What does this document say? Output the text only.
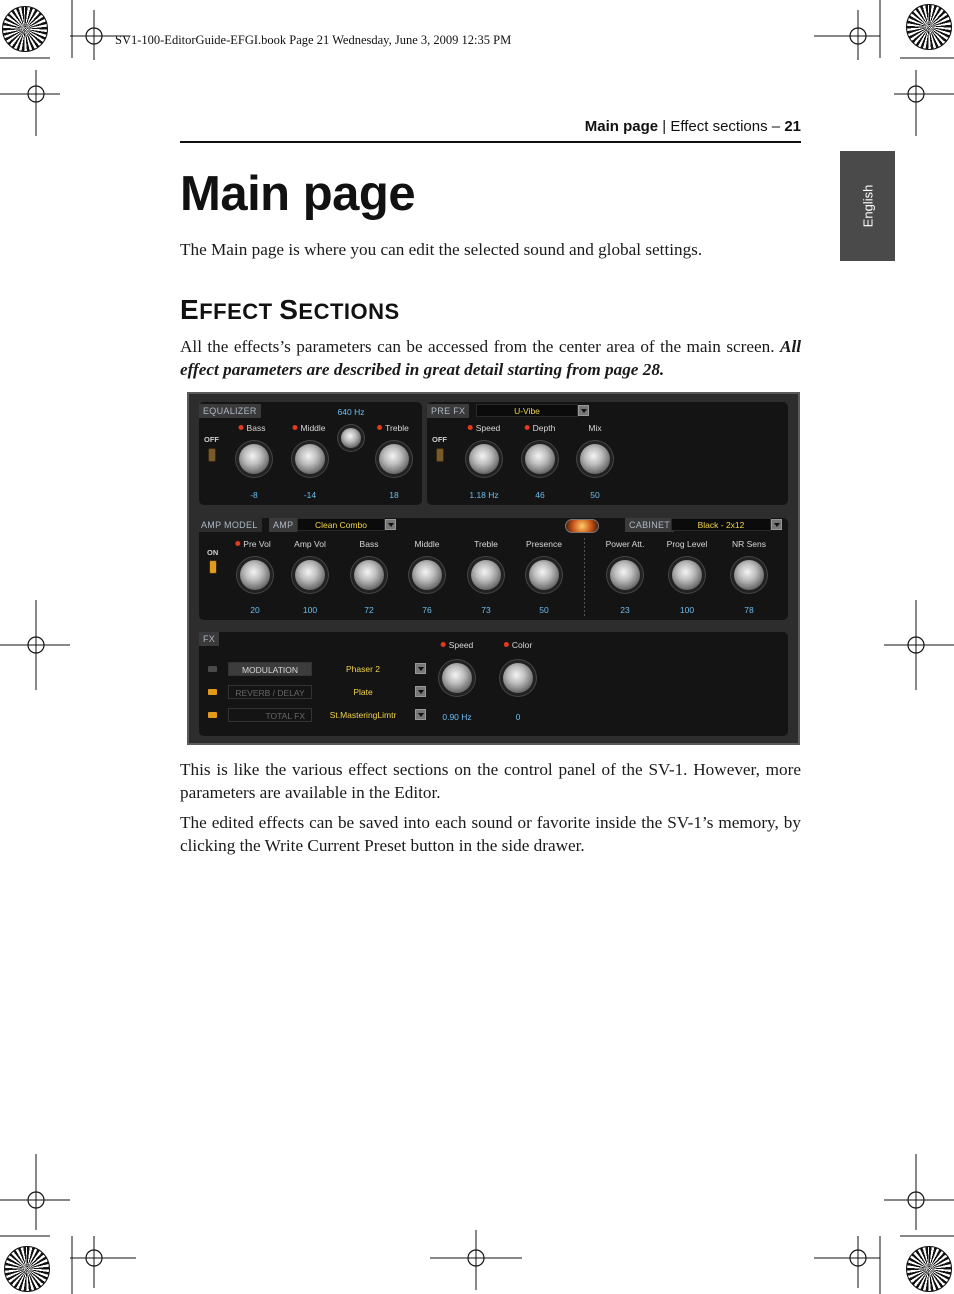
SV1-100-EditorGuide-EFGI.book Page 21 Wednesday, June 3, 2009 12:35 PM
Main page | Effect sections – 21
English
Main page
The Main page is where you can edit the selected sound and global settings.
EFFECT SECTIONS
All the effects’s parameters can be accessed from the center area of the main screen. All effect parameters are described in great detail starting from page 28.
EQUALIZER
OFF
640 Hz
Bass
-8
Middle
-14
Treble
18
PRE FX	U-Vibe
OFF
Speed
1.18 Hz
Depth
46
Mix
50
AMP MODEL	AMP	Clean Combo	CABINET	Black - 2x12
ON
Pre Vol
20
Amp Vol
100
Bass
72
Middle
76
Treble
73
Presence
50
Power Att.
23
Prog Level
100
NR Sens
78
FX
MODULATION	Phaser 2
REVERB / DELAY	Plate
TOTAL FX	St.MasteringLimtr
Speed
0.90 Hz
Color
0
This is like the various effect sections on the control panel of the SV-1. However, more parameters are available in the Editor.
The edited effects can be saved into each sound or favorite inside the SV-1’s memory, by clicking the Write Current Preset button in the side drawer.
